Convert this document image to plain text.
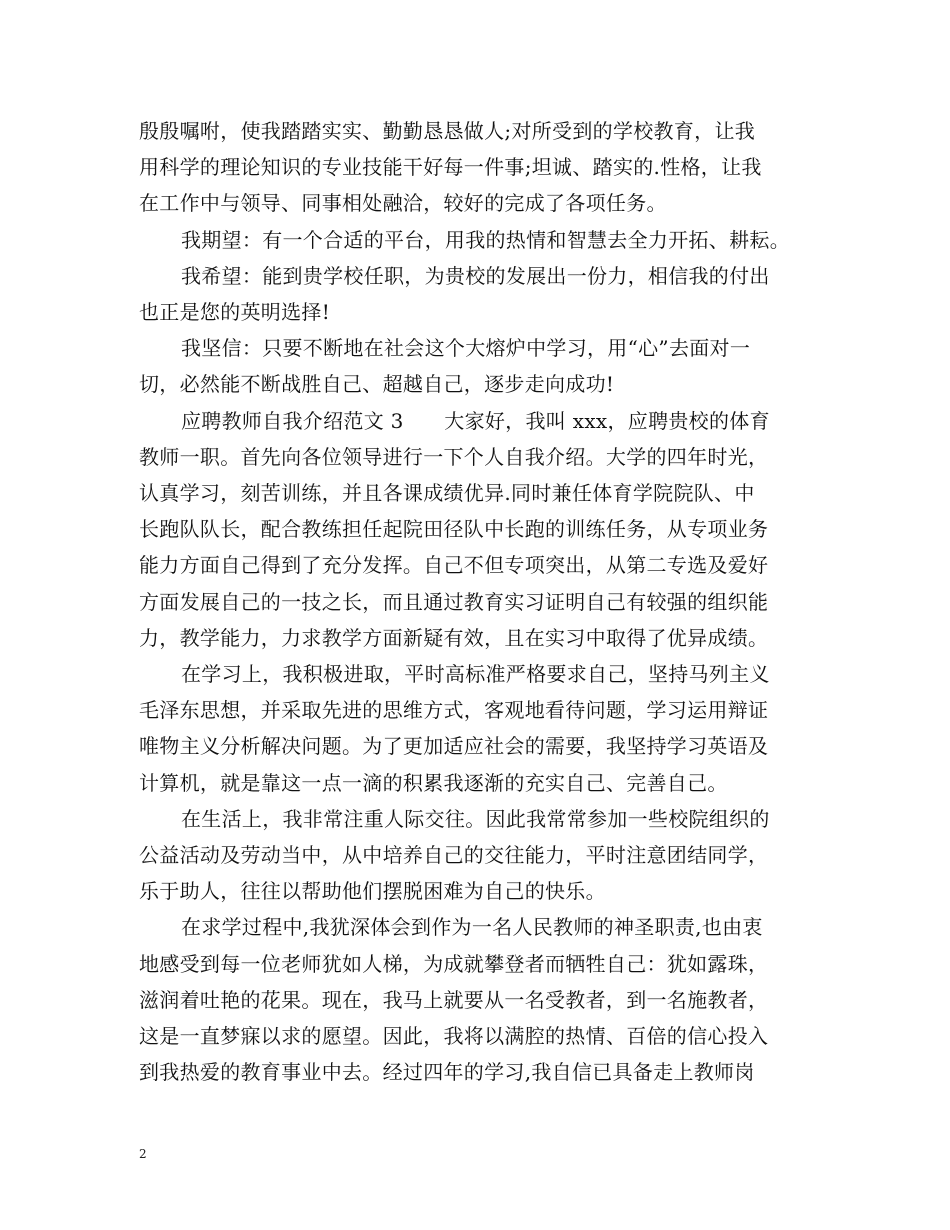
殷殷嘱咐，使我踏踏实实、勤勤恳恳做人;对所受到的学校教育，让我
用科学的理论知识的专业技能干好每一件事;坦诚、踏实的.性格，让我
在工作中与领导、同事相处融洽，较好的完成了各项任务。
我期望：有一个合适的平台，用我的热情和智慧去全力开拓、耕耘。
我希望：能到贵学校任职，为贵校的发展出一份力，相信我的付出
也正是您的英明选择!
我坚信：只要不断地在社会这个大熔炉中学习，用“心”去面对一
切，必然能不断战胜自己、超越自己，逐步走向成功!
应聘教师自我介绍范文 3　　大家好，我叫 xxx，应聘贵校的体育
教师一职。首先向各位领导进行一下个人自我介绍。大学的四年时光，
认真学习，刻苦训练，并且各课成绩优异.同时兼任体育学院院队、中
长跑队队长，配合教练担任起院田径队中长跑的训练任务，从专项业务
能力方面自己得到了充分发挥。自己不但专项突出，从第二专选及爱好
方面发展自己的一技之长，而且通过教育实习证明自己有较强的组织能
力，教学能力，力求教学方面新疑有效，且在实习中取得了优异成绩。
在学习上，我积极进取，平时高标准严格要求自己，坚持马列主义
毛泽东思想，并采取先进的思维方式，客观地看待问题，学习运用辩证
唯物主义分析解决问题。为了更加适应社会的需要，我坚持学习英语及
计算机，就是靠这一点一滴的积累我逐渐的充实自己、完善自己。
在生活上，我非常注重人际交往。因此我常常参加一些校院组织的
公益活动及劳动当中，从中培养自己的交往能力，平时注意团结同学，
乐于助人，往往以帮助他们摆脱困难为自己的快乐。
在求学过程中,我犹深体会到作为一名人民教师的神圣职责,也由衷
地感受到每一位老师犹如人梯，为成就攀登者而牺牲自己：犹如露珠，
滋润着吐艳的花果。现在，我马上就要从一名受教者，到一名施教者，
这是一直梦寐以求的愿望。因此，我将以满腔的热情、百倍的信心投入
到我热爱的教育事业中去。经过四年的学习,我自信已具备走上教师岗
2
